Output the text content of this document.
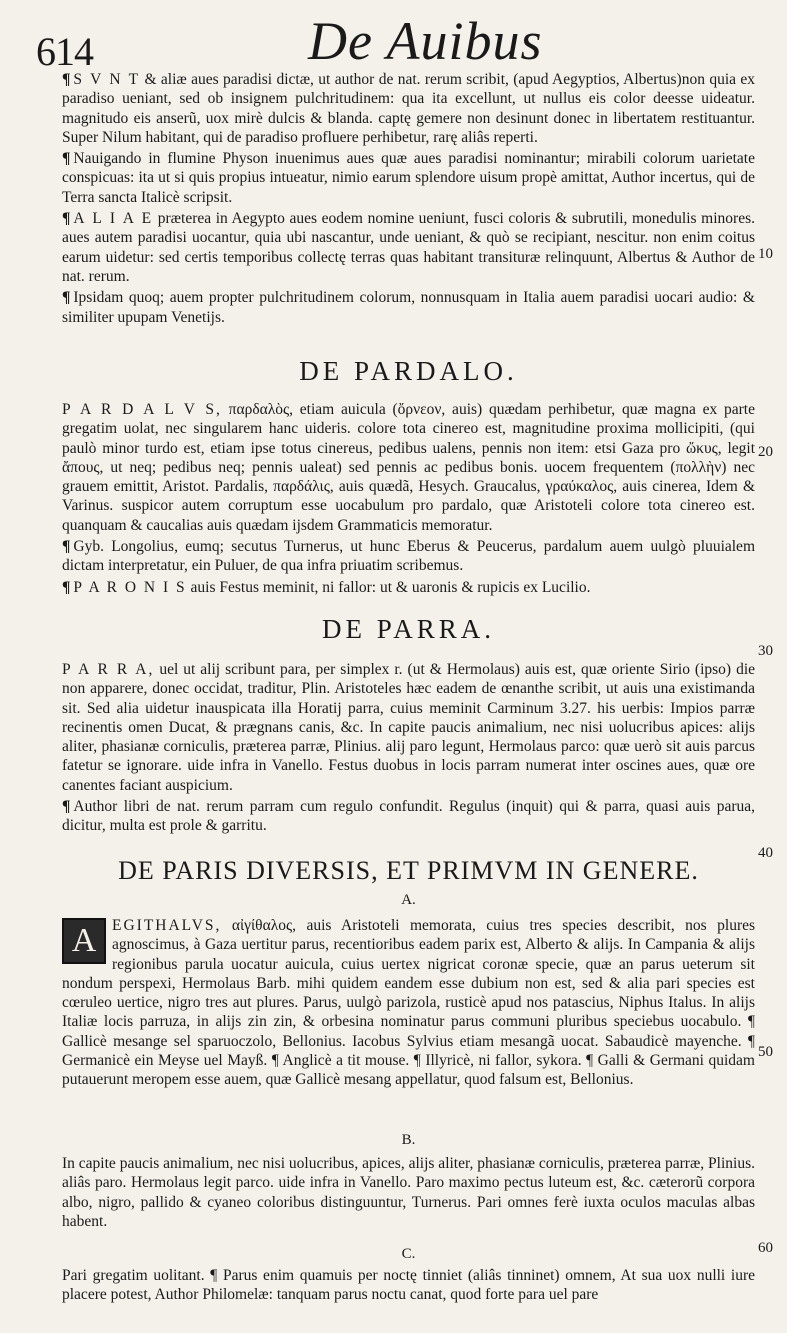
614	De Auibus
10
20
30
40
50
60

¶ S V N T & aliæ aues paradisi dictæ, ut author de nat. rerum scribit, (apud Aegyptios, Albertus)non quia ex paradiso ueniant, sed ob insignem pulchritudinem: qua ita excellunt, ut nullus eis color deesse uideatur. magnitudo eis anserũ, uox mirè dulcis & blanda. captę gemere non desinunt donec in libertatem restituantur. Super Nilum habitant, qui de paradiso profluere perhibetur, rarę aliâs reperti.

¶ Nauigando in flumine Physon inuenimus aues quæ aues paradisi nominantur; mirabili colorum uarietate conspicuas: ita ut si quis propius intueatur, nimio earum splendore uisum propè amittat, Author incertus, qui de Terra sancta Italicè scripsit.

¶ A L I A E præterea in Aegypto aues eodem nomine ueniunt, fusci coloris & subrutili, monedulis minores. aues autem paradisi uocantur, quia ubi nascantur, unde ueniant, & quò se recipiant, nescitur. non enim coitus earum uidetur: sed certis temporibus collectę terras quas habitant transituræ relinquunt, Albertus & Author de nat. rerum.

¶ Ipsidam quoq; auem propter pulchritudinem colorum, nonnusquam in Italia auem paradisi uocari audio: & similiter upupam Venetijs.

DE PARDALO.

P A R D A L V S, παρδαλὸς, etiam auicula (ὄρνεον, auis) quædam perhibetur, quæ magna ex parte gregatim uolat, nec singularem hanc uideris. colore tota cinereo est, magnitudine proxima mollicipiti, (qui paulò minor turdo est, etiam ipse totus cinereus, pedibus ualens, pennis non item: etsi Gaza pro ὤκυς, legit ἄπους, ut neq; pedibus neq; pennis ualeat) sed pennis ac pedibus bonis. uocem frequentem (πολλὴν) nec grauem emittit, Aristot. Pardalis, παρδάλις, auis quædã, Hesych. Graucalus, γραύκαλος, auis cinerea, Idem & Varinus. suspicor autem corruptum esse uocabulum pro pardalo, quæ Aristoteli colore tota cinereo est. quanquam & caucalias auis quædam ijsdem Grammaticis memoratur.

¶ Gyb. Longolius, eumq; secutus Turnerus, ut hunc Eberus & Peucerus, pardalum auem uulgò pluuialem dictam interpretatur, ein Puluer, de qua infra priuatim scribemus.

¶ P A R O N I S auis Festus meminit, ni fallor: ut & uaronis & rupicis ex Lucilio.

DE PARRA.

P A R R A, uel ut alij scribunt para, per simplex r. (ut & Hermolaus) auis est, quæ oriente Sirio (ipso) die non apparere, donec occidat, traditur, Plin. Aristoteles hæc eadem de œnanthe scribit, ut auis una existimanda sit. Sed alia uidetur inauspicata illa Horatij parra, cuius meminit Carminum 3.27. his uerbis: Impios parræ recinentis omen Ducat, & prægnans canis, &c. In capite paucis animalium, nec nisi uolucribus apices: alijs aliter, phasianæ corniculis, præterea parræ, Plinius. alij paro legunt, Hermolaus parco: quæ uerò sit auis parcus fatetur se ignorare. uide infra in Vanello. Festus duobus in locis parram numerat inter oscines aues, quæ ore canentes faciant auspicium.

¶ Author libri de nat. rerum parram cum regulo confundit. Regulus (inquit) qui & parra, quasi auis parua, dicitur, multa est prole & garritu.

DE PARIS DIVERSIS, ET PRIMVM IN GENERE.
A.

A	EGITHALVS, αἰγίθαλος, auis Aristoteli memorata, cuius tres species describit, nos plures agnoscimus, à Gaza uertitur parus, recentioribus eadem parix est, Alberto & alijs. In Campania & alijs regionibus parula uocatur auicula, cuius uertex nigricat coronæ specie, quæ an parus ueterum sit nondum perspexi, Hermolaus Barb. mihi quidem eandem esse dubium non est, sed & alia pari species est cœruleo uertice, nigro tres aut plures. Parus, uulgò parizola, rusticè apud nos patascius, Niphus Italus. In alijs Italiæ locis parruza, in alijs zin zin, & orbesina nominatur parus communi pluribus speciebus uocabulo. ¶ Gallicè mesange sel sparuoczolo, Bellonius. Iacobus Sylvius etiam mesangã uocat. Sabaudicè mayenche. ¶ Germanicè ein Meyse uel Mayß. ¶ Anglicè a tit mouse. ¶ Illyricè, ni fallor, sykora. ¶ Galli & Germani quidam putauerunt meropem esse auem, quæ Gallicè mesang appellatur, quod falsum est, Bellonius.

B.

In capite paucis animalium, nec nisi uolucribus, apices, alijs aliter, phasianæ corniculis, præterea parræ, Plinius. aliâs paro. Hermolaus legit parco. uide infra in Vanello. Paro maximo pectus luteum est, &c. cæterorũ corpora albo, nigro, pallido & cyaneo coloribus distinguuntur, Turnerus. Pari omnes ferè iuxta oculos maculas albas habent.

C.

Pari gregatim uolitant. ¶ Parus enim quamuis per noctę tinniet (aliâs tinninet) omnem, At sua uox nulli iure placere potest, Author Philomelæ: tanquam parus noctu canat, quod forte para uel pare
